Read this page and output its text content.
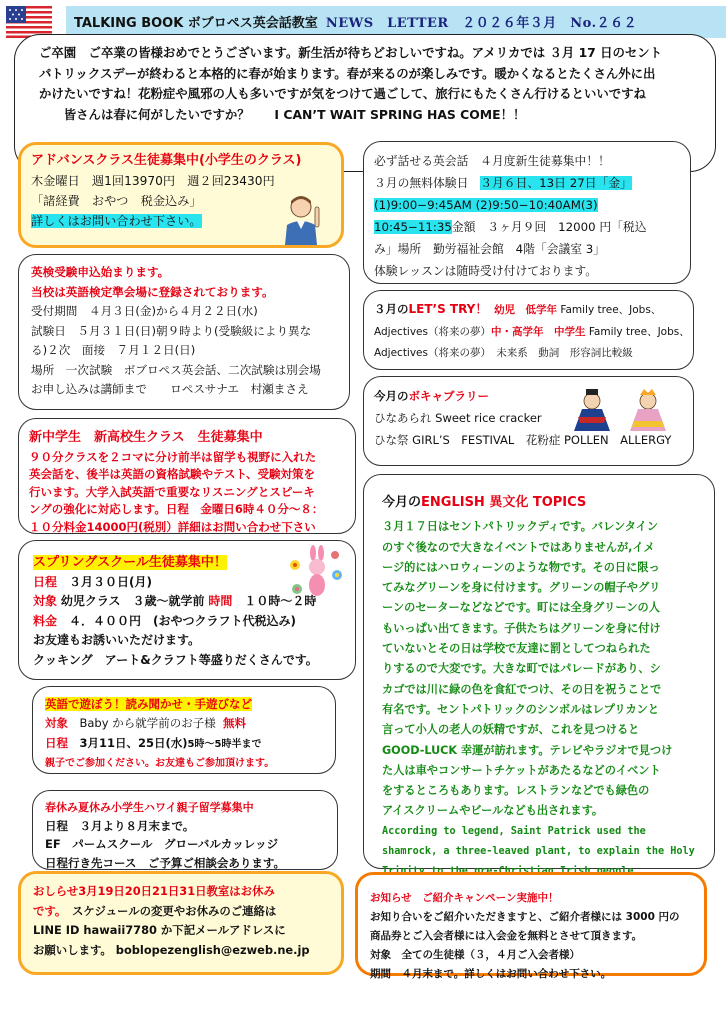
TALKING BOOK ボブロペス英会話教室 NEWS　LETTER　２０２６年３月　No.２６２
ご卒園　ご卒業の皆様おめでとうございます。新生活が待ちどおしいですね。アメリカでは ３月 17 日のセント
パトリックスデーが終わると本格的に春が始まります。春が来るのが楽しみです。暖かくなるとたくさん外に出
かけたいですね！花粉症や風邪の人も多いですが気をつけて過ごして、旅行にもたくさん行けるといいですね
　　皆さんは春に何がしたいですか？　　I CAN’T WAIT SPRING HAS COME！！
アドバンスクラス生徒募集中(小学生のクラス)
木金曜日　週1回13970円　週２回23430円
「諸経費　おやつ　税金込み」
詳しくはお問い合わせ下さい。
必ず話せる英会話　４月度新生徒募集中！！
３月の無料体験日　３月６日、13日 27日「金」
(1)9:00−9:45AM (2)9:50−10:40AM(3)
10:45−11:35金額　３ヶ月９回　12000 円「税込
み」場所　勤労福祉会館　4階「会議室 3」
体験レッスンは随時受け付けております。
英検受験申込始まります。
当校は英語検定準会場に登録されております。
受付期間　４月３日(金)から４月２２日(水)
試験日　５月３１日(日)朝９時より(受験級により異な
る)２次　面接　７月１２日(日)
場所　一次試験　ボブロペス英会話、二次試験は別会場
お申し込みは講師まで　　ロペスサナエ　村瀬まさえ
３月のLET’S TRY！ 幼児　低学年 Family tree、Jobs、
Adjectives（将来の夢）中・高学年　中学生 Family tree、Jobs、
Adjectives（将来の夢）　未来系　動詞　形容詞比較級
今月のボキャブラリー
ひなあられ Sweet rice cracker
ひな祭 GIRL’S　FESTIVAL　花粉症 POLLEN　ALLERGY
新中学生　新高校生クラス　生徒募集中
９０分クラスを２コマに分け前半は留学も視野に入れた
英会話を、後半は英語の資格試験やテスト、受験対策を
行います。大学入試英語で重要なリスニングとスピーキ
ングの強化に対応します。日程　金曜日6時４０分〜８：
１０分料金14000円(税別）詳細はお問い合わせ下さい
今月のENGLISH 異文化 TOPICS
３月１７日はセントパトリックディです。バレンタイン
のすぐ後なので大きなイベントではありませんが,イメ
ージ的にはハロウィーンのような物です。その日に限っ
てみなグリーンを身に付けます。グリーンの帽子やグリ
ーンのセーターなどなどです。町には全身グリーンの人
もいっぱい出てきます。子供たちはグリーンを身に付け
ていないとその日は学校で友達に罰としてつねられた
りするので大変です。大きな町ではパレードがあり、シ
カゴでは川に緑の色を食紅でつけ、その日を祝うことで
有名です。セントパトリックのシンボルはレプリカンと
言って小人の老人の妖精ですが、これを見つけると
GOOD-LUCK 幸運が訪れます。テレビやラジオで見つけ
た人は車やコンサートチケットがあたるなどのイベント
をするところもあります。レストランなどでも緑色の
アイスクリームやビールなども出されます。
According to legend, Saint Patrick used the
shamrock, a three-leaved plant, to explain the Holy
スプリングスクール生徒募集中！
日程　３月３０日(月)
対象 幼児クラス　３歳〜就学前 時間　１０時〜２時
料金　４．４００円　(おやつクラフト代税込み)
お友達もお誘いいただけます。
クッキング　アート&クラフト等盛りだくさんです。
英語で遊ぼう！読み聞かせ・手遊びなど
対象　Baby から就学前のお子様 無料
日程　3月11日、25日(水)5時〜5時半まで
親子でご参加ください。お友達もご参加頂けます。
春休み夏休み小学生ハワイ親子留学募集中
日程　３月より８月末まで。
EF　パームスクール　グローバルカッレッジ
日程行き先コース　ご予算ご相談会あります。
おしらせ3月19日20日21日31日教室はお休み
です。　スケジュールの変更やお休みのご連絡は
LINE ID hawaii7780 か下記メールアドレスに
お願いします。 boblopezenglish@ezweb.ne.jp
お知らせ　ご紹介キャンペーン実施中！
お知り合いをご紹介いただきますと、ご紹介者様には 3000 円の
商品券とご入会者様には入会金を無料とさせて頂きます。
対象　全ての生徒様（３，４月ご入会者様）
期間　４月末まで。詳しくはお問い合わせ下さい。
